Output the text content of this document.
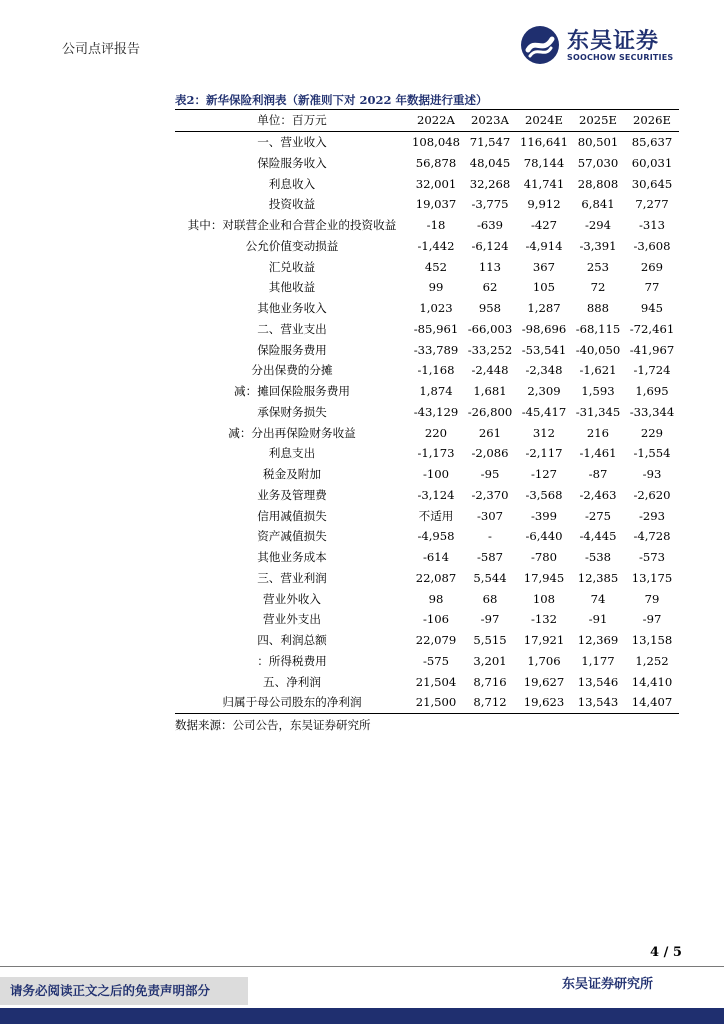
公司点评报告	东吴证券
SOOCHOW SECURITIES
表2：新华保险利润表（新准则下对 2022 年数据进行重述）
单位：百万元	2022A	2023A	2024E	2025E	2026E
一、营业收入	108,048	71,547	116,641	80,501	85,637
保险服务收入	56,878	48,045	78,144	57,030	60,031
利息收入	32,001	32,268	41,741	28,808	30,645
投资收益	19,037	-3,775	9,912	6,841	7,277
其中：对联营企业和合营企业的投资收益	-18	-639	-427	-294	-313
公允价值变动损益	-1,442	-6,124	-4,914	-3,391	-3,608
汇兑收益	452	113	367	253	269
其他收益	99	62	105	72	77
其他业务收入	1,023	958	1,287	888	945
二、营业支出	-85,961	-66,003	-98,696	-68,115	-72,461
保险服务费用	-33,789	-33,252	-53,541	-40,050	-41,967
分出保费的分摊	-1,168	-2,448	-2,348	-1,621	-1,724
减：摊回保险服务费用	1,874	1,681	2,309	1,593	1,695
承保财务损失	-43,129	-26,800	-45,417	-31,345	-33,344
减：分出再保险财务收益	220	261	312	216	229
利息支出	-1,173	-2,086	-2,117	-1,461	-1,554
税金及附加	-100	-95	-127	-87	-93
业务及管理费	-3,124	-2,370	-3,568	-2,463	-2,620
信用减值损失	不适用	-307	-399	-275	-293
资产减值损失	-4,958	-	-6,440	-4,445	-4,728
其他业务成本	-614	-587	-780	-538	-573
三、营业利润	22,087	5,544	17,945	12,385	13,175
营业外收入	98	68	108	74	79
营业外支出	-106	-97	-132	-91	-97
四、利润总额	22,079	5,515	17,921	12,369	13,158
：所得税费用	-575	3,201	1,706	1,177	1,252
五、净利润	21,504	8,716	19,627	13,546	14,410
归属于母公司股东的净利润	21,500	8,712	19,623	13,543	14,407
数据来源：公司公告，东吴证券研究所
4 / 5
请务必阅读正文之后的免责声明部分	东吴证券研究所
